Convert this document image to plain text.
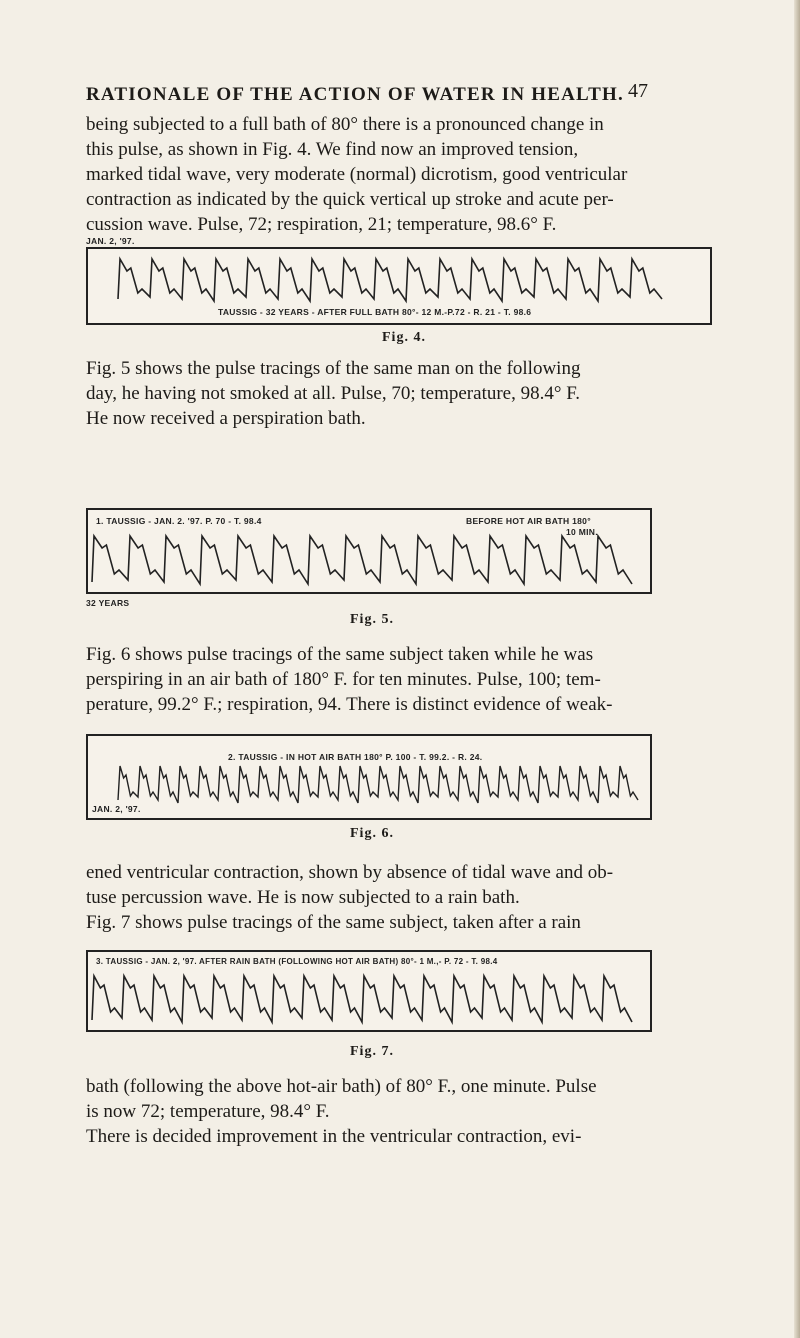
RATIONALE OF THE ACTION OF WATER IN HEALTH. 47
being subjected to a full bath of 80° there is a pronounced change in
this pulse, as shown in Fig. 4. We find now an improved tension,
marked tidal wave, very moderate (normal) dicrotism, good ventricular
contraction as indicated by the quick vertical up stroke and acute per-
cussion wave. Pulse, 72; respiration, 21; temperature, 98.6° F.
JAN. 2, '97.
TAUSSIG - 32 YEARS - AFTER FULL BATH 80°- 12 M.-P.72 - R. 21 - T. 98.6
Fig. 4.
Fig. 5 shows the pulse tracings of the same man on the following
day, he having not smoked at all. Pulse, 70; temperature, 98.4° F.
He now received a perspiration bath.
1. TAUSSIG - JAN. 2. '97. P. 70 - T. 98.4	BEFORE HOT AIR BATH 180°
10 MIN.
32 YEARS
Fig. 5.
Fig. 6 shows pulse tracings of the same subject taken while he was
perspiring in an air bath of 180° F. for ten minutes. Pulse, 100; tem-
perature, 99.2° F.; respiration, 94. There is distinct evidence of weak-
2. TAUSSIG - IN HOT AIR BATH 180° P. 100 - T. 99.2. - R. 24.
JAN. 2, '97.
Fig. 6.
ened ventricular contraction, shown by absence of tidal wave and ob-
tuse percussion wave. He is now subjected to a rain bath.
Fig. 7 shows pulse tracings of the same subject, taken after a rain
3. TAUSSIG - JAN. 2, '97. AFTER RAIN BATH (FOLLOWING HOT AIR BATH) 80°- 1 M.,- P. 72 - T. 98.4
Fig. 7.
bath (following the above hot-air bath) of 80° F., one minute. Pulse
is now 72; temperature, 98.4° F.
There is decided improvement in the ventricular contraction, evi-
